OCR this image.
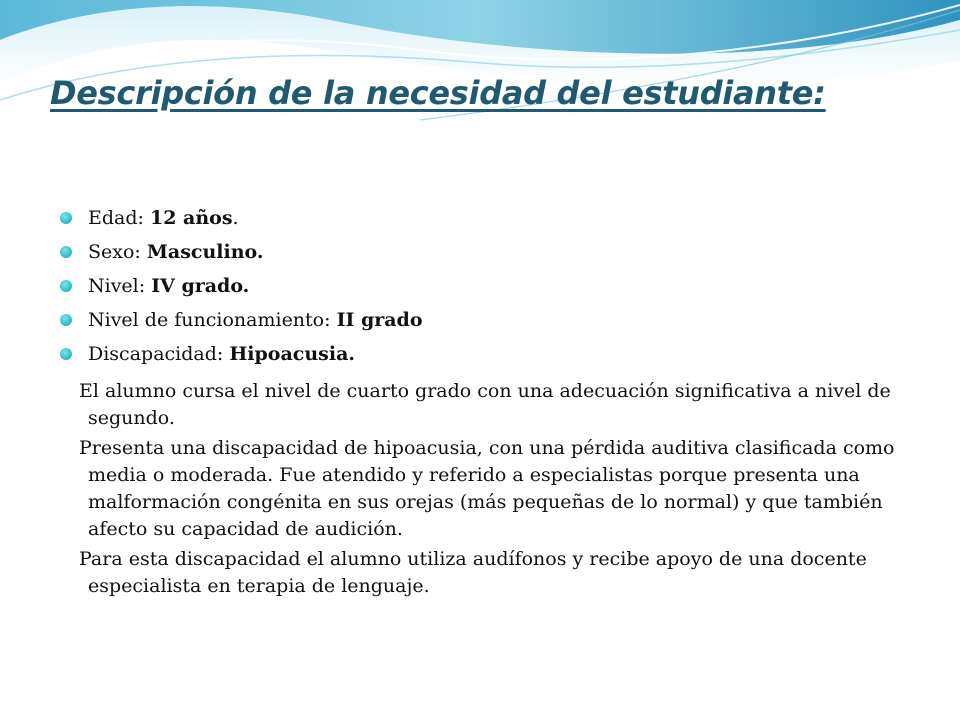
Descripción de la necesidad del estudiante:
Edad: 12 años.
Sexo: Masculino.
Nivel: IV grado.
Nivel de funcionamiento: II grado
Discapacidad: Hipoacusia.

El alumno cursa el nivel de cuarto grado con una adecuación significativa a nivel de segundo.

Presenta una discapacidad de hipoacusia, con una pérdida auditiva clasificada como media o moderada. Fue atendido y referido a especialistas porque presenta una malformación congénita en sus orejas (más pequeñas de lo normal) y que también afecto su capacidad de audición.

Para esta discapacidad el alumno utiliza audífonos y recibe apoyo de una docente especialista en terapia de lenguaje.
